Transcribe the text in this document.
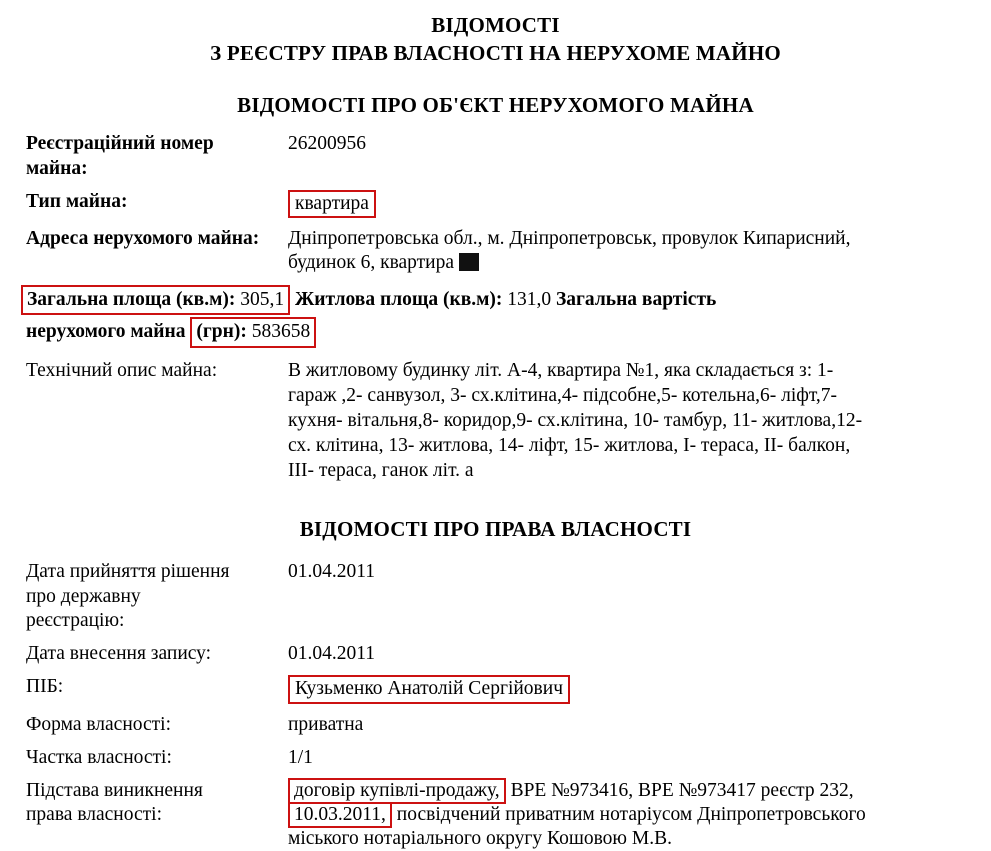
ВІДОМОСТІ
З РЕЄСТРУ ПРАВ ВЛАСНОСТІ НА НЕРУХОМЕ МАЙНО
ВІДОМОСТІ ПРО ОБ'ЄКТ НЕРУХОМОГО МАЙНА
Реєстраційний номер майна:
26200956
Тип майна:	квартира
Адреса нерухомого майна:	Дніпропетровська обл., м. Дніпропетровськ, провулок Кипарисний,
будинок 6, квартира
Загальна площа (кв.м): 305,1 Житлова площа (кв.м): 131,0 Загальна вартість
нерухомого майна (грн): 583658
Технічний опис майна:	В житловому будинку літ. А-4, квартира №1, яка складається з: 1-
гараж ,2- санвузол, 3- сх.клітина,4- підсобне,5- котельна,6- ліфт,7-
кухня- вітальня,8- коридор,9- сх.клітина, 10- тамбур, 11- житлова,12-
сх. клітина, 13- житлова, 14- ліфт, 15- житлова, I- тераса, II- балкон,
III- тераса, ганок літ. а
ВІДОМОСТІ ПРО ПРАВА ВЛАСНОСТІ
Дата прийняття рішення
про державну
реєстрацію:
01.04.2011
Дата внесення запису:	01.04.2011
ПІБ:	Кузьменко Анатолій Сергійович
Форма власності:	приватна
Частка власності:	1/1
Підстава виникнення
права власності:
договір купівлі-продажу, ВРЕ №973416, ВРЕ №973417 реєстр 232,
10.03.2011, посвідчений приватним нотаріусом Дніпропетровського
міського нотаріального округу Кошовою М.В.
